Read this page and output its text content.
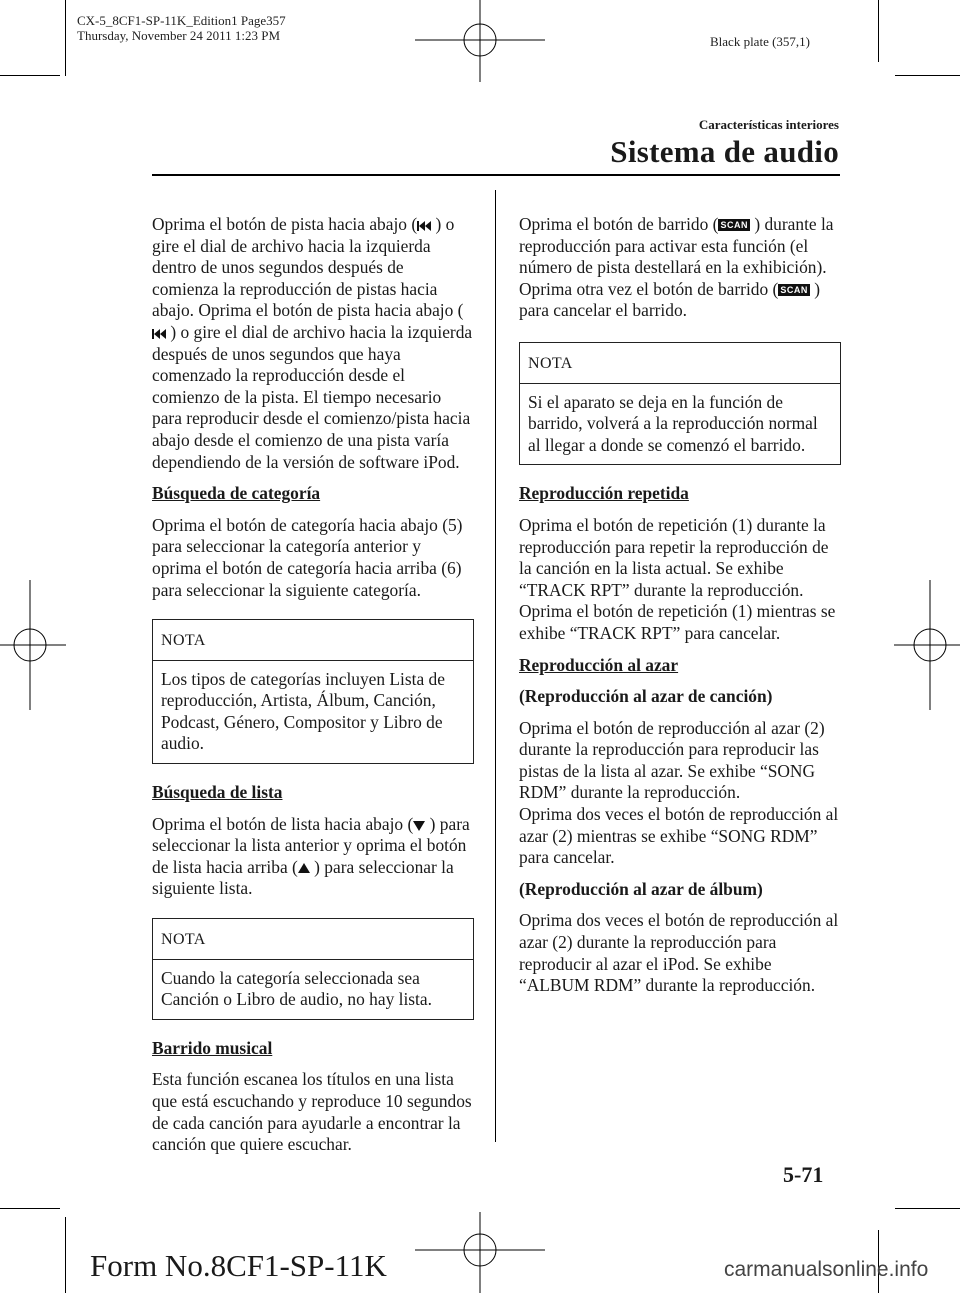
CX-5_8CF1-SP-11K_Edition1 Page357
Thursday, November 24 2011 1:23 PM	Black plate (357,1)
Características interiores
Sistema de audio

Oprima el botón de pista hacia abajo ( ) o gire el dial de archivo hacia la izquierda dentro de unos segundos después de comienza la reproducción de pistas hacia abajo. Oprima el botón de pista hacia abajo ( ) o gire el dial de archivo hacia la izquierda después de unos segundos que haya comenzado la reproducción desde el comienzo de la pista. El tiempo necesario para reproducir desde el comienzo/pista hacia abajo desde el comienzo de una pista varía dependiendo de la versión de software iPod.

Búsqueda de categoría

Oprima el botón de categoría hacia abajo (5) para seleccionar la categoría anterior y oprima el botón de categoría hacia arriba (6) para seleccionar la siguiente categoría.

NOTA
Los tipos de categorías incluyen Lista de reproducción, Artista, Álbum, Canción, Podcast, Género, Compositor y Libro de audio.

Búsqueda de lista

Oprima el botón de lista hacia abajo ( ) para seleccionar la lista anterior y oprima el botón de lista hacia arriba ( ) para seleccionar la siguiente lista.

NOTA
Cuando la categoría seleccionada sea Canción o Libro de audio, no hay lista.

Barrido musical

Esta función escanea los títulos en una lista que está escuchando y reproduce 10 segundos de cada canción para ayudarle a encontrar la canción que quiere escuchar.

Oprima el botón de barrido ( SCAN ) durante la reproducción para activar esta función (el número de pista destellará en la exhibición). Oprima otra vez el botón de barrido ( SCAN ) para cancelar el barrido.

NOTA
Si el aparato se deja en la función de barrido, volverá a la reproducción normal al llegar a donde se comenzó el barrido.

Reproducción repetida

Oprima el botón de repetición (1) durante la reproducción para repetir la reproducción de la canción en la lista actual. Se exhibe “TRACK RPT” durante la reproducción.

Oprima el botón de repetición (1) mientras se exhibe “TRACK RPT” para cancelar.

Reproducción al azar

(Reproducción al azar de canción)

Oprima el botón de reproducción al azar (2) durante la reproducción para reproducir las pistas de la lista al azar. Se exhibe “SONG RDM” durante la reproducción.

Oprima dos veces el botón de reproducción al azar (2) mientras se exhibe “SONG RDM” para cancelar.

(Reproducción al azar de álbum)

Oprima dos veces el botón de reproducción al azar (2) durante la reproducción para reproducir al azar el iPod. Se exhibe “ALBUM RDM” durante la reproducción.

5-71
Form No.8CF1-SP-11K	carmanualsonline.info
